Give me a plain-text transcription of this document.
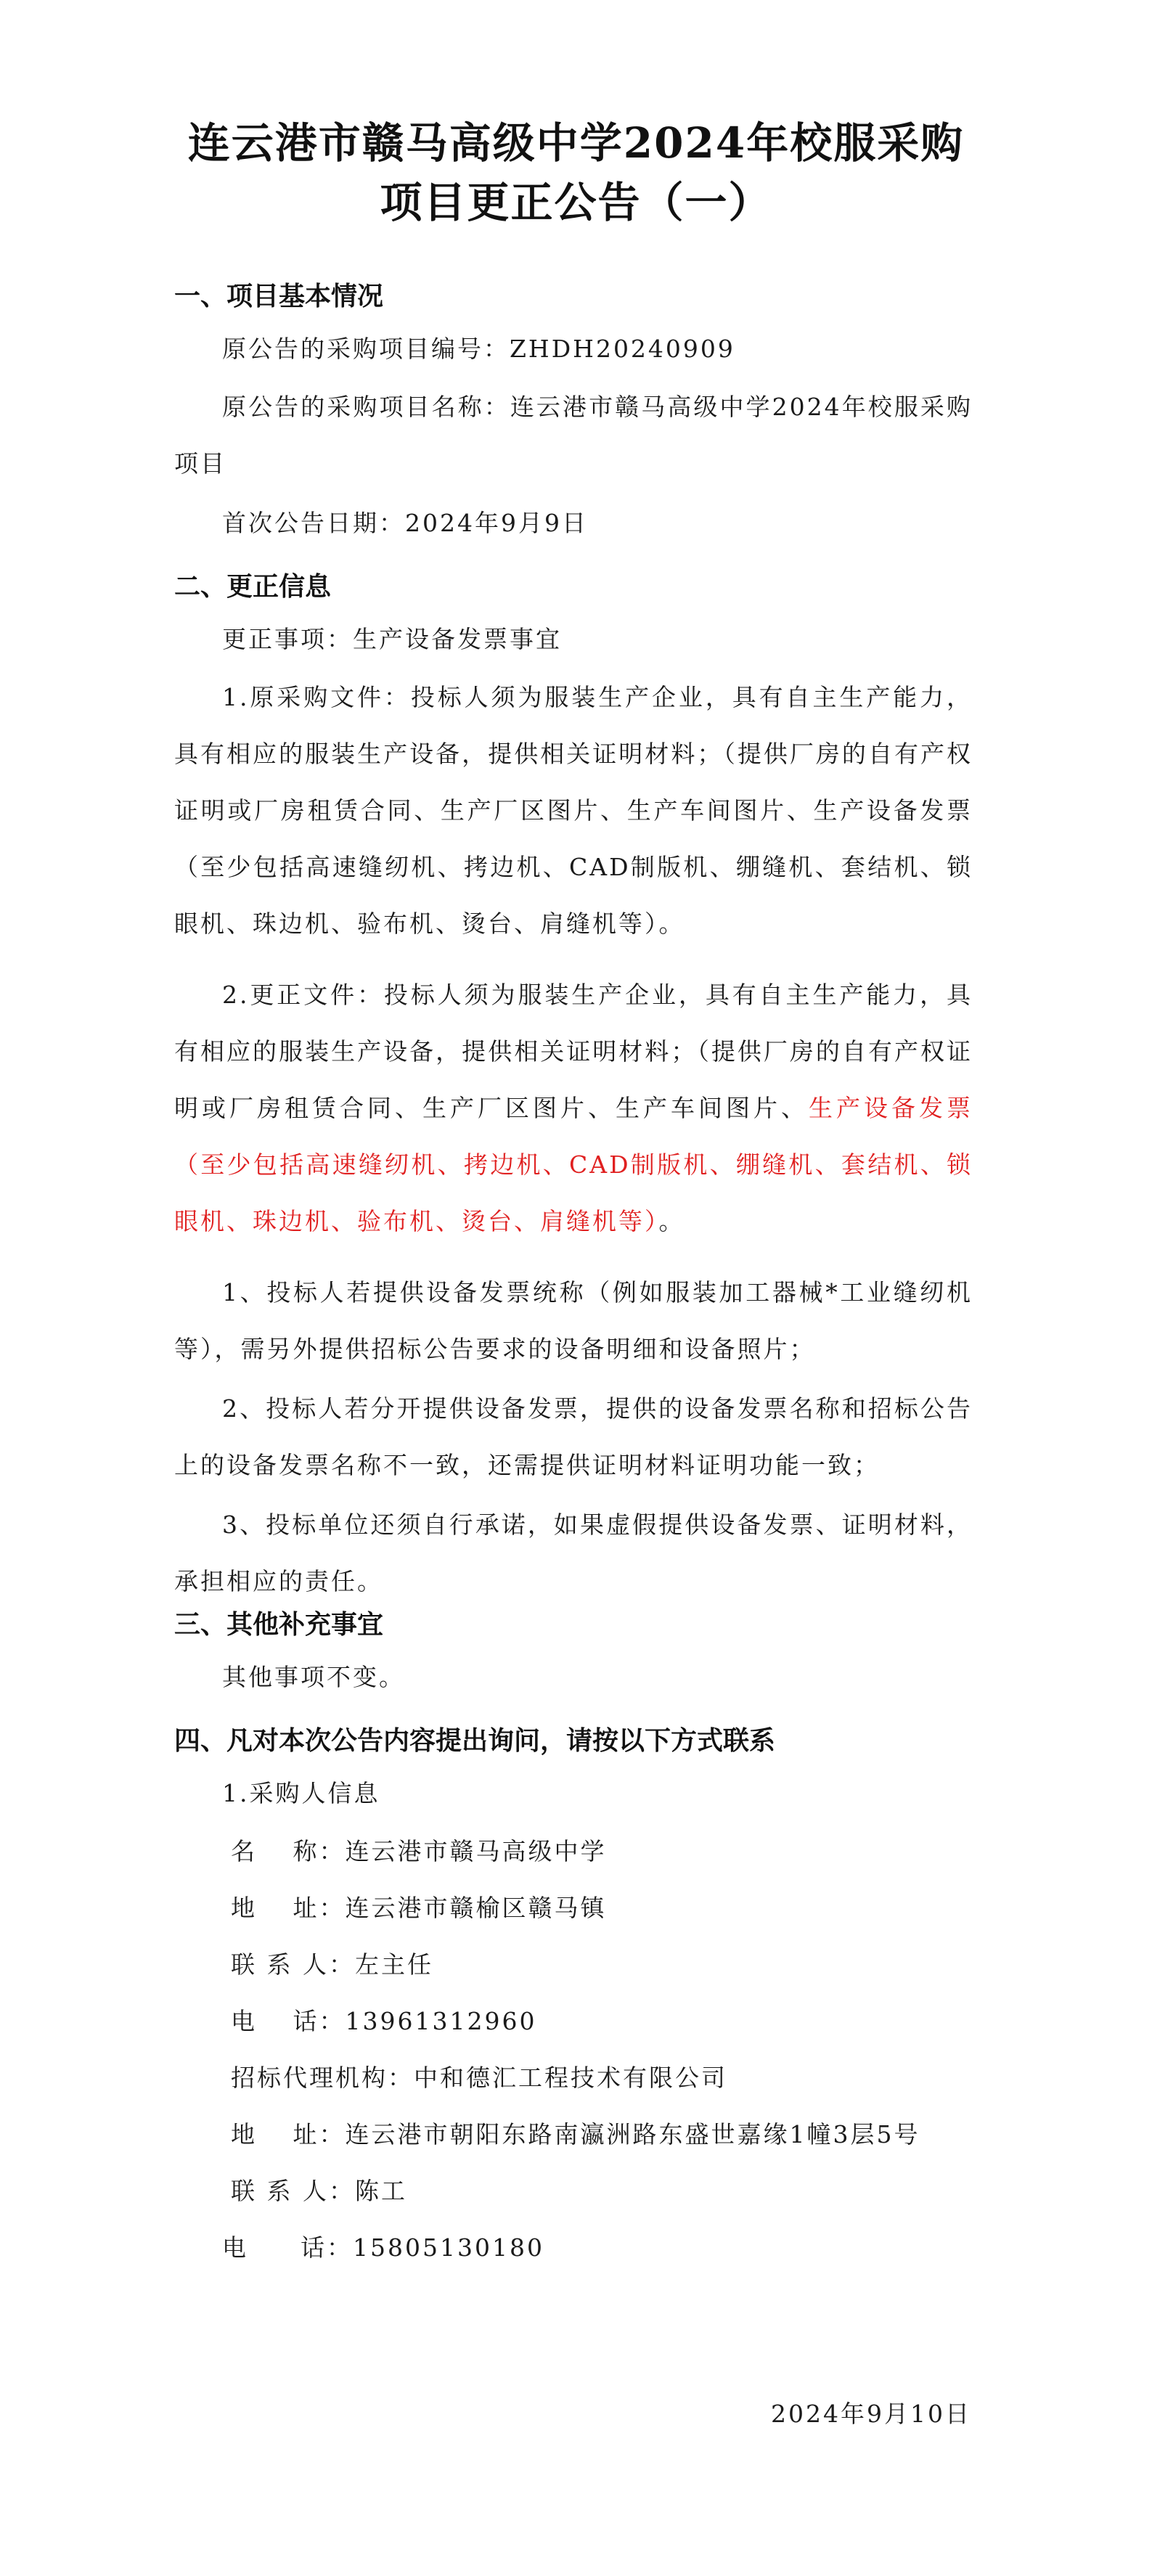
连云港市赣马高级中学2024年校服采购
项目更正公告（一）
一、项目基本情况
原公告的采购项目编号：ZHDH20240909
原公告的采购项目名称：连云港市赣马高级中学2024年校服采购项目
首次公告日期：2024年9月9日
二、更正信息
更正事项：生产设备发票事宜
1.原采购文件：投标人须为服装生产企业，具有自主生产能力，具有相应的服装生产设备，提供相关证明材料；（提供厂房的自有产权证明或厂房租赁合同、生产厂区图片、生产车间图片、生产设备发票（至少包括高速缝纫机、拷边机、CAD制版机、绷缝机、套结机、锁眼机、珠边机、验布机、烫台、肩缝机等）。
2.更正文件：投标人须为服装生产企业，具有自主生产能力，具有相应的服装生产设备，提供相关证明材料；（提供厂房的自有产权证明或厂房租赁合同、生产厂区图片、生产车间图片、生产设备发票（至少包括高速缝纫机、拷边机、CAD制版机、绷缝机、套结机、锁眼机、珠边机、验布机、烫台、肩缝机等）。
1、投标人若提供设备发票统称（例如服装加工器械*工业缝纫机等），需另外提供招标公告要求的设备明细和设备照片；
2、投标人若分开提供设备发票，提供的设备发票名称和招标公告上的设备发票名称不一致，还需提供证明材料证明功能一致；
3、投标单位还须自行承诺，如果虚假提供设备发票、证明材料，承担相应的责任。
三、其他补充事宜
其他事项不变。
四、凡对本次公告内容提出询问，请按以下方式联系
1.采购人信息
名　 称：连云港市赣马高级中学
地　 址：连云港市赣榆区赣马镇
联 系 人：左主任
电　 话：13961312960
招标代理机构：中和德汇工程技术有限公司
地　 址：连云港市朝阳东路南瀛洲路东盛世嘉缘1幢3层5号
联 系 人：陈工
电　　话：15805130180
2024年9月10日
